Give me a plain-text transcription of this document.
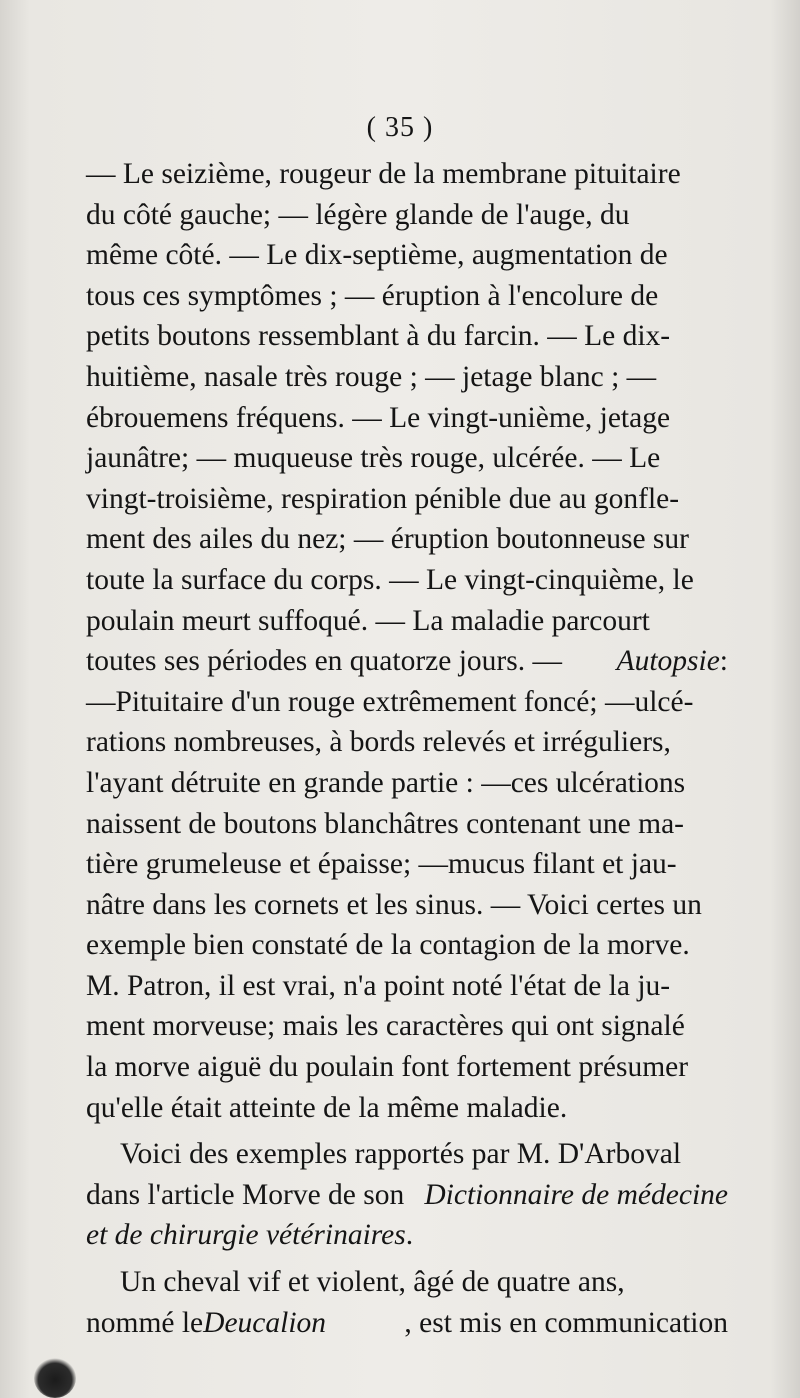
( 35 )
— Le seizième, rougeur de la membrane pituitaire
du côté gauche; — légère glande de l'auge, du
même côté. — Le dix-septième, augmentation de
tous ces symptômes ; — éruption à l'encolure de
petits boutons ressemblant à du farcin. — Le dix-
huitième, nasale très rouge ; — jetage blanc ; —
ébrouemens fréquens. — Le vingt-unième, jetage
jaunâtre; — muqueuse très rouge, ulcérée. — Le
vingt-troisième, respiration pénible due au gonfle-
ment des ailes du nez; — éruption boutonneuse sur
toute la surface du corps. — Le vingt-cinquième, le
poulain meurt suffoqué. — La maladie parcourt
toutes ses périodes en quatorze jours. — Autopsie:
—Pituitaire d'un rouge extrêmement foncé; —ulcé-
rations nombreuses, à bords relevés et irréguliers,
l'ayant détruite en grande partie : —ces ulcérations
naissent de boutons blanchâtres contenant une ma-
tière grumeleuse et épaisse; —mucus filant et jau-
nâtre dans les cornets et les sinus. — Voici certes un
exemple bien constaté de la contagion de la morve.
M. Patron, il est vrai, n'a point noté l'état de la ju-
ment morveuse; mais les caractères qui ont signalé
la morve aiguë du poulain font fortement présumer
qu'elle était atteinte de la même maladie.
Voici des exemples rapportés par M. D'Arboval
dans l'article Morve de son Dictionnaire de médecine
et de chirurgie vétérinaires .
Un cheval vif et violent, âgé de quatre ans,
nommé leDeucalion	, est mis en communication
